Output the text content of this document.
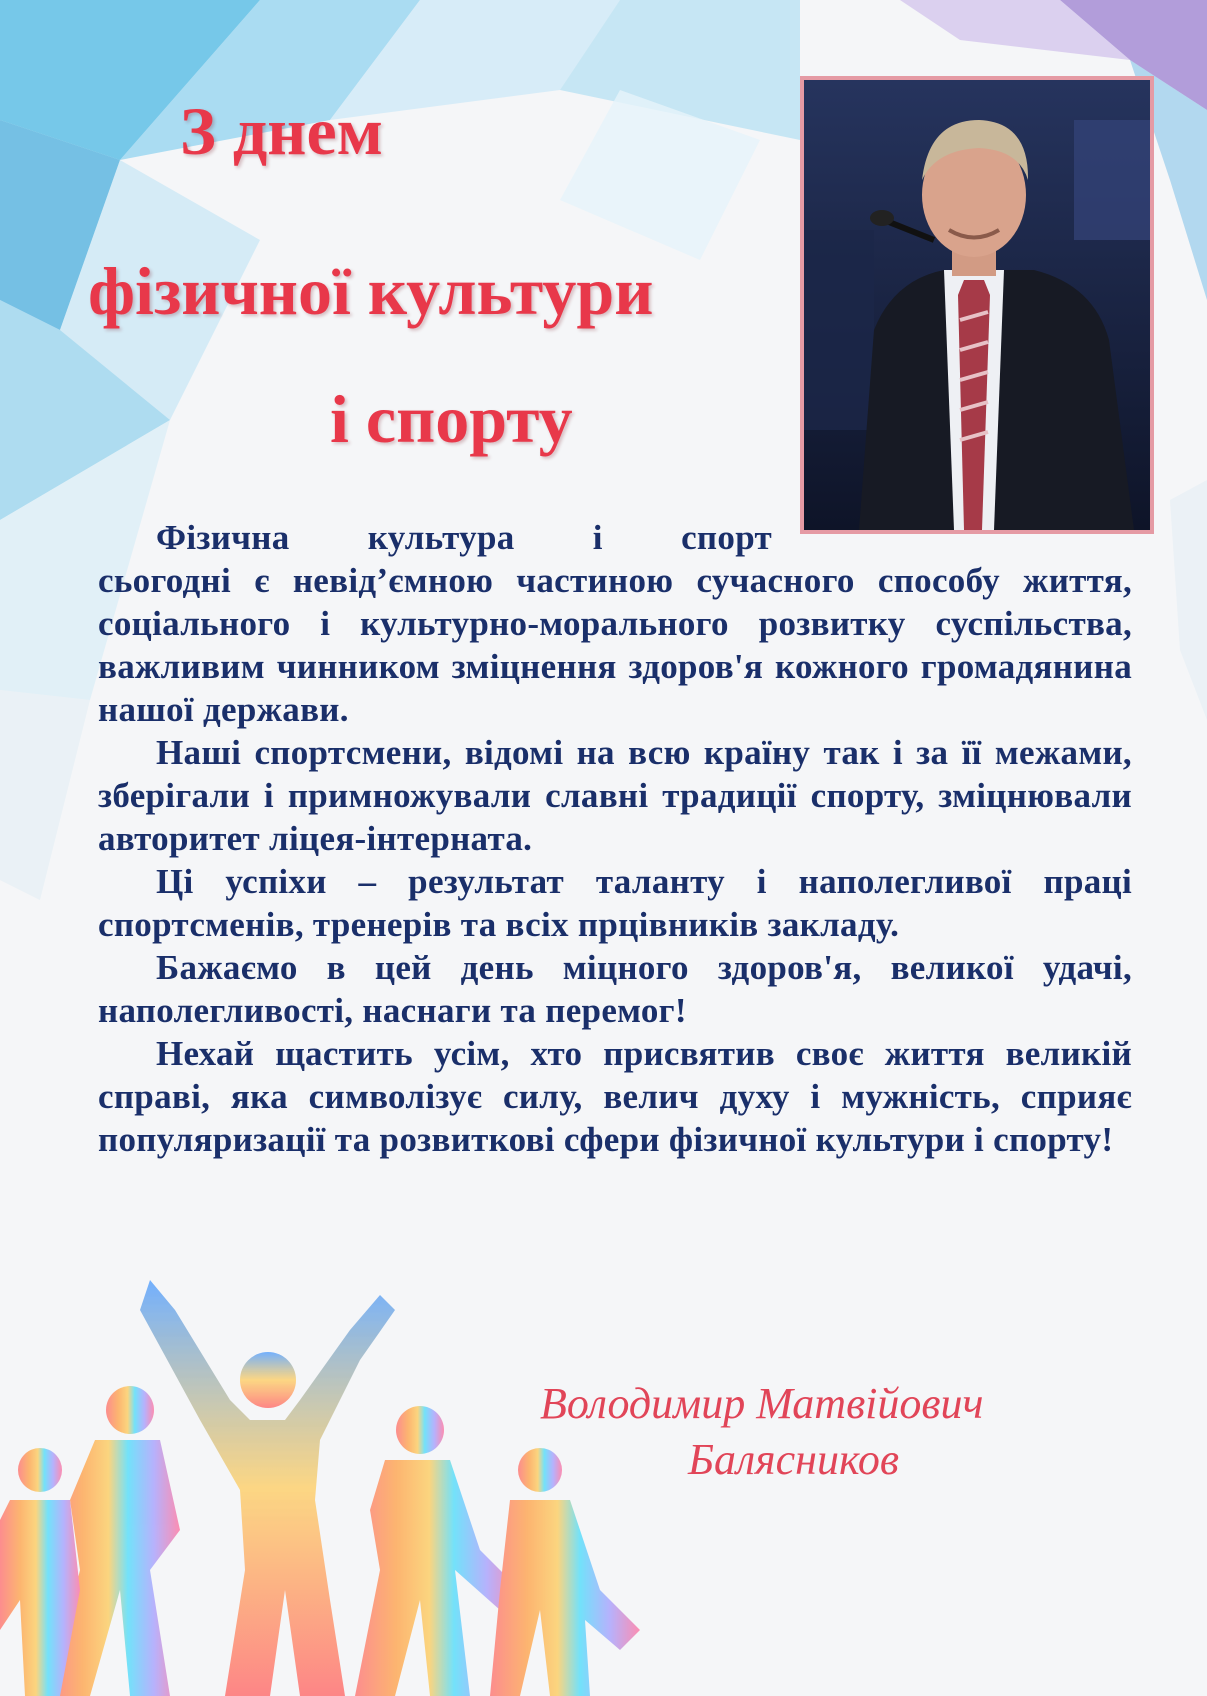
З днем
фізичної культури
і спорту

Фізична культура і спорт

сьогодні є невід’ємною частиною сучасного способу життя, соціального і культурно-морального розвитку суспільства, важливим чинником зміцнення здоров'я кожного громадянина нашої держави.

Наші спортсмени, відомі на всю країну так і за її межами, зберігали і примножували славні традиції спорту, зміцнювали авторитет ліцея-інтерната.

Ці успіхи – результат таланту і наполегливої праці спортсменів, тренерів та всіх прцівників закладу.

Бажаємо в цей день міцного здоров'я, великої удачі, наполегливості, наснаги та перемог!

Нехай щастить усім, хто присвятив своє життя великій справі, яка символізує силу, велич духу і мужність, сприяє популяризації та розвиткові сфери фізичної культури і спорту!

Володимир Матвійович
Балясников
